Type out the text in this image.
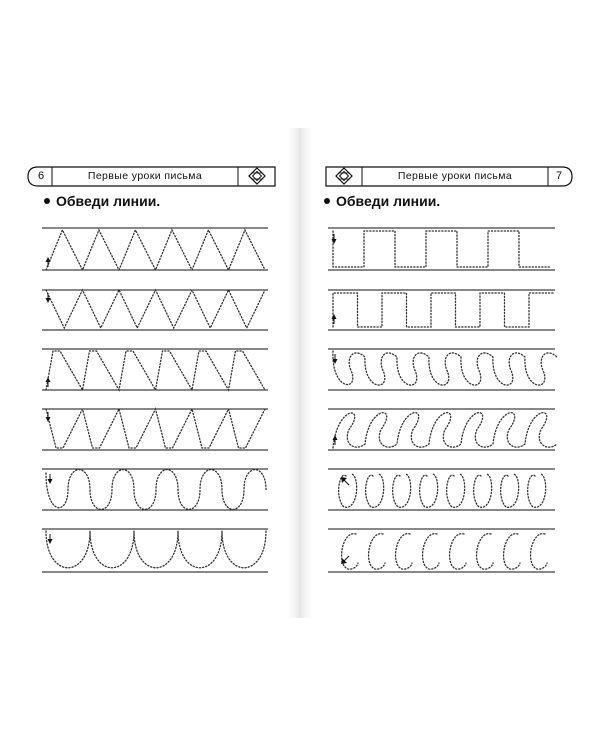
6	Первые уроки письма	Первые уроки письма	7
Обведи линии.	Обведи линии.
